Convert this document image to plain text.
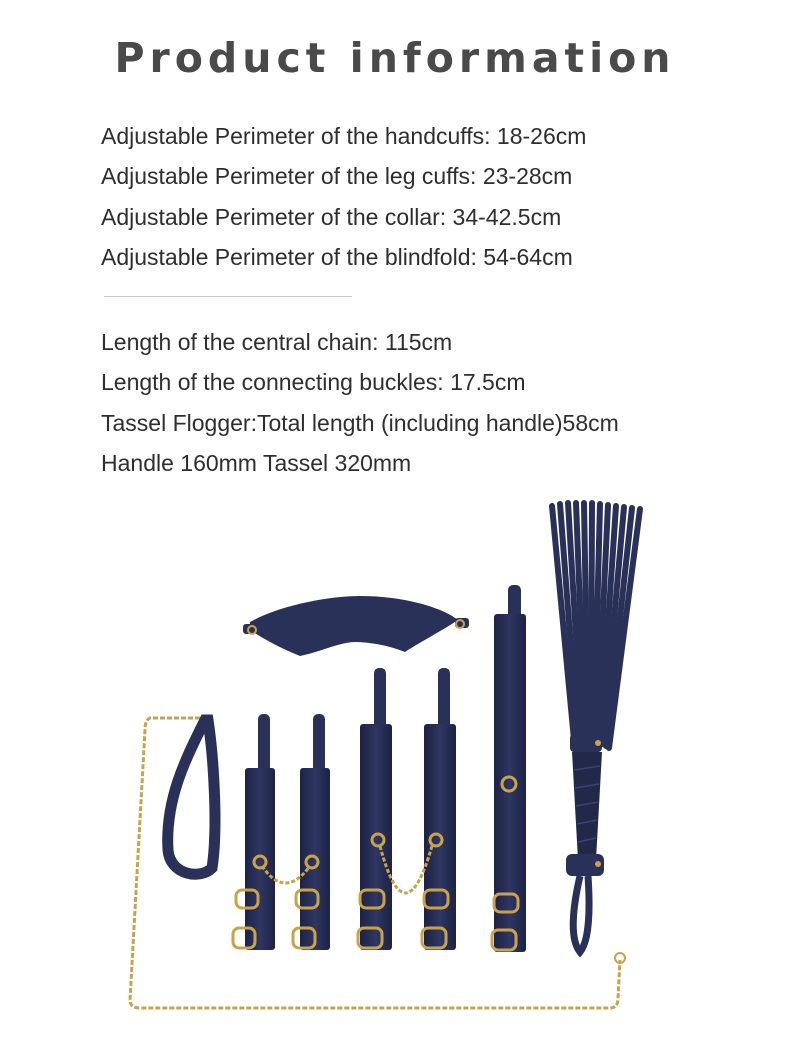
Product information
Adjustable Perimeter of the handcuffs: 18-26cm
Adjustable Perimeter of the leg cuffs: 23-28cm
Adjustable Perimeter of the collar: 34-42.5cm
Adjustable Perimeter of the blindfold: 54-64cm
Length of the central chain: 115cm
Length of the connecting buckles: 17.5cm
Tassel Flogger:Total length (including handle)58cm
Handle 160mm Tassel 320mm
